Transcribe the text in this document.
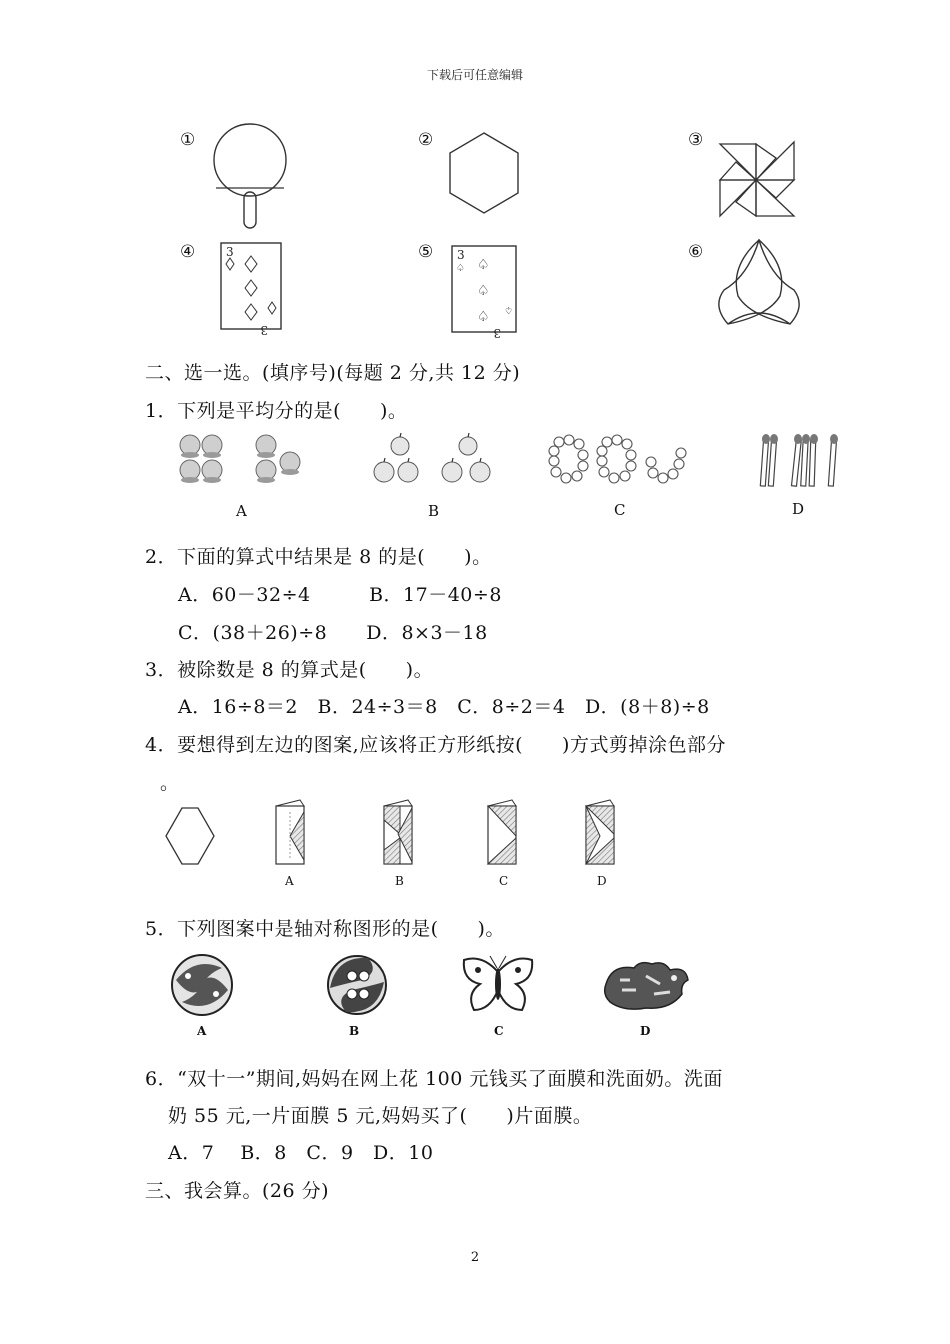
下载后可任意编辑
2
①	②	③
④	⑤	⑥
3
3
3
♤ ♤
♤
♤ ♤
3
二、选一选。(填序号)(每题 2 分,共 12 分)
1．下列是平均分的是(　　)。
A	B	C	D
2．下面的算式中结果是 8 的是(　　)。
A．60－32÷4　　　B．17－40÷8
C．(38＋26)÷8　　D．8×3－18
3．被除数是 8 的算式是(　　)。
A．16÷8＝2　B．24÷3＝8　C．8÷2＝4　D．(8＋8)÷8
4．要想得到左边的图案,应该将正方形纸按(　　)方式剪掉涂色部分
。
A	B	C	D
5．下列图案中是轴对称图形的是(　　)。
A	B	C	D
6．“双十一”期间,妈妈在网上花 100 元钱买了面膜和洗面奶。洗面
奶 55 元,一片面膜 5 元,妈妈买了(　　)片面膜。
A．7　 B．8　C．9　D．10
三、我会算。(26 分)
